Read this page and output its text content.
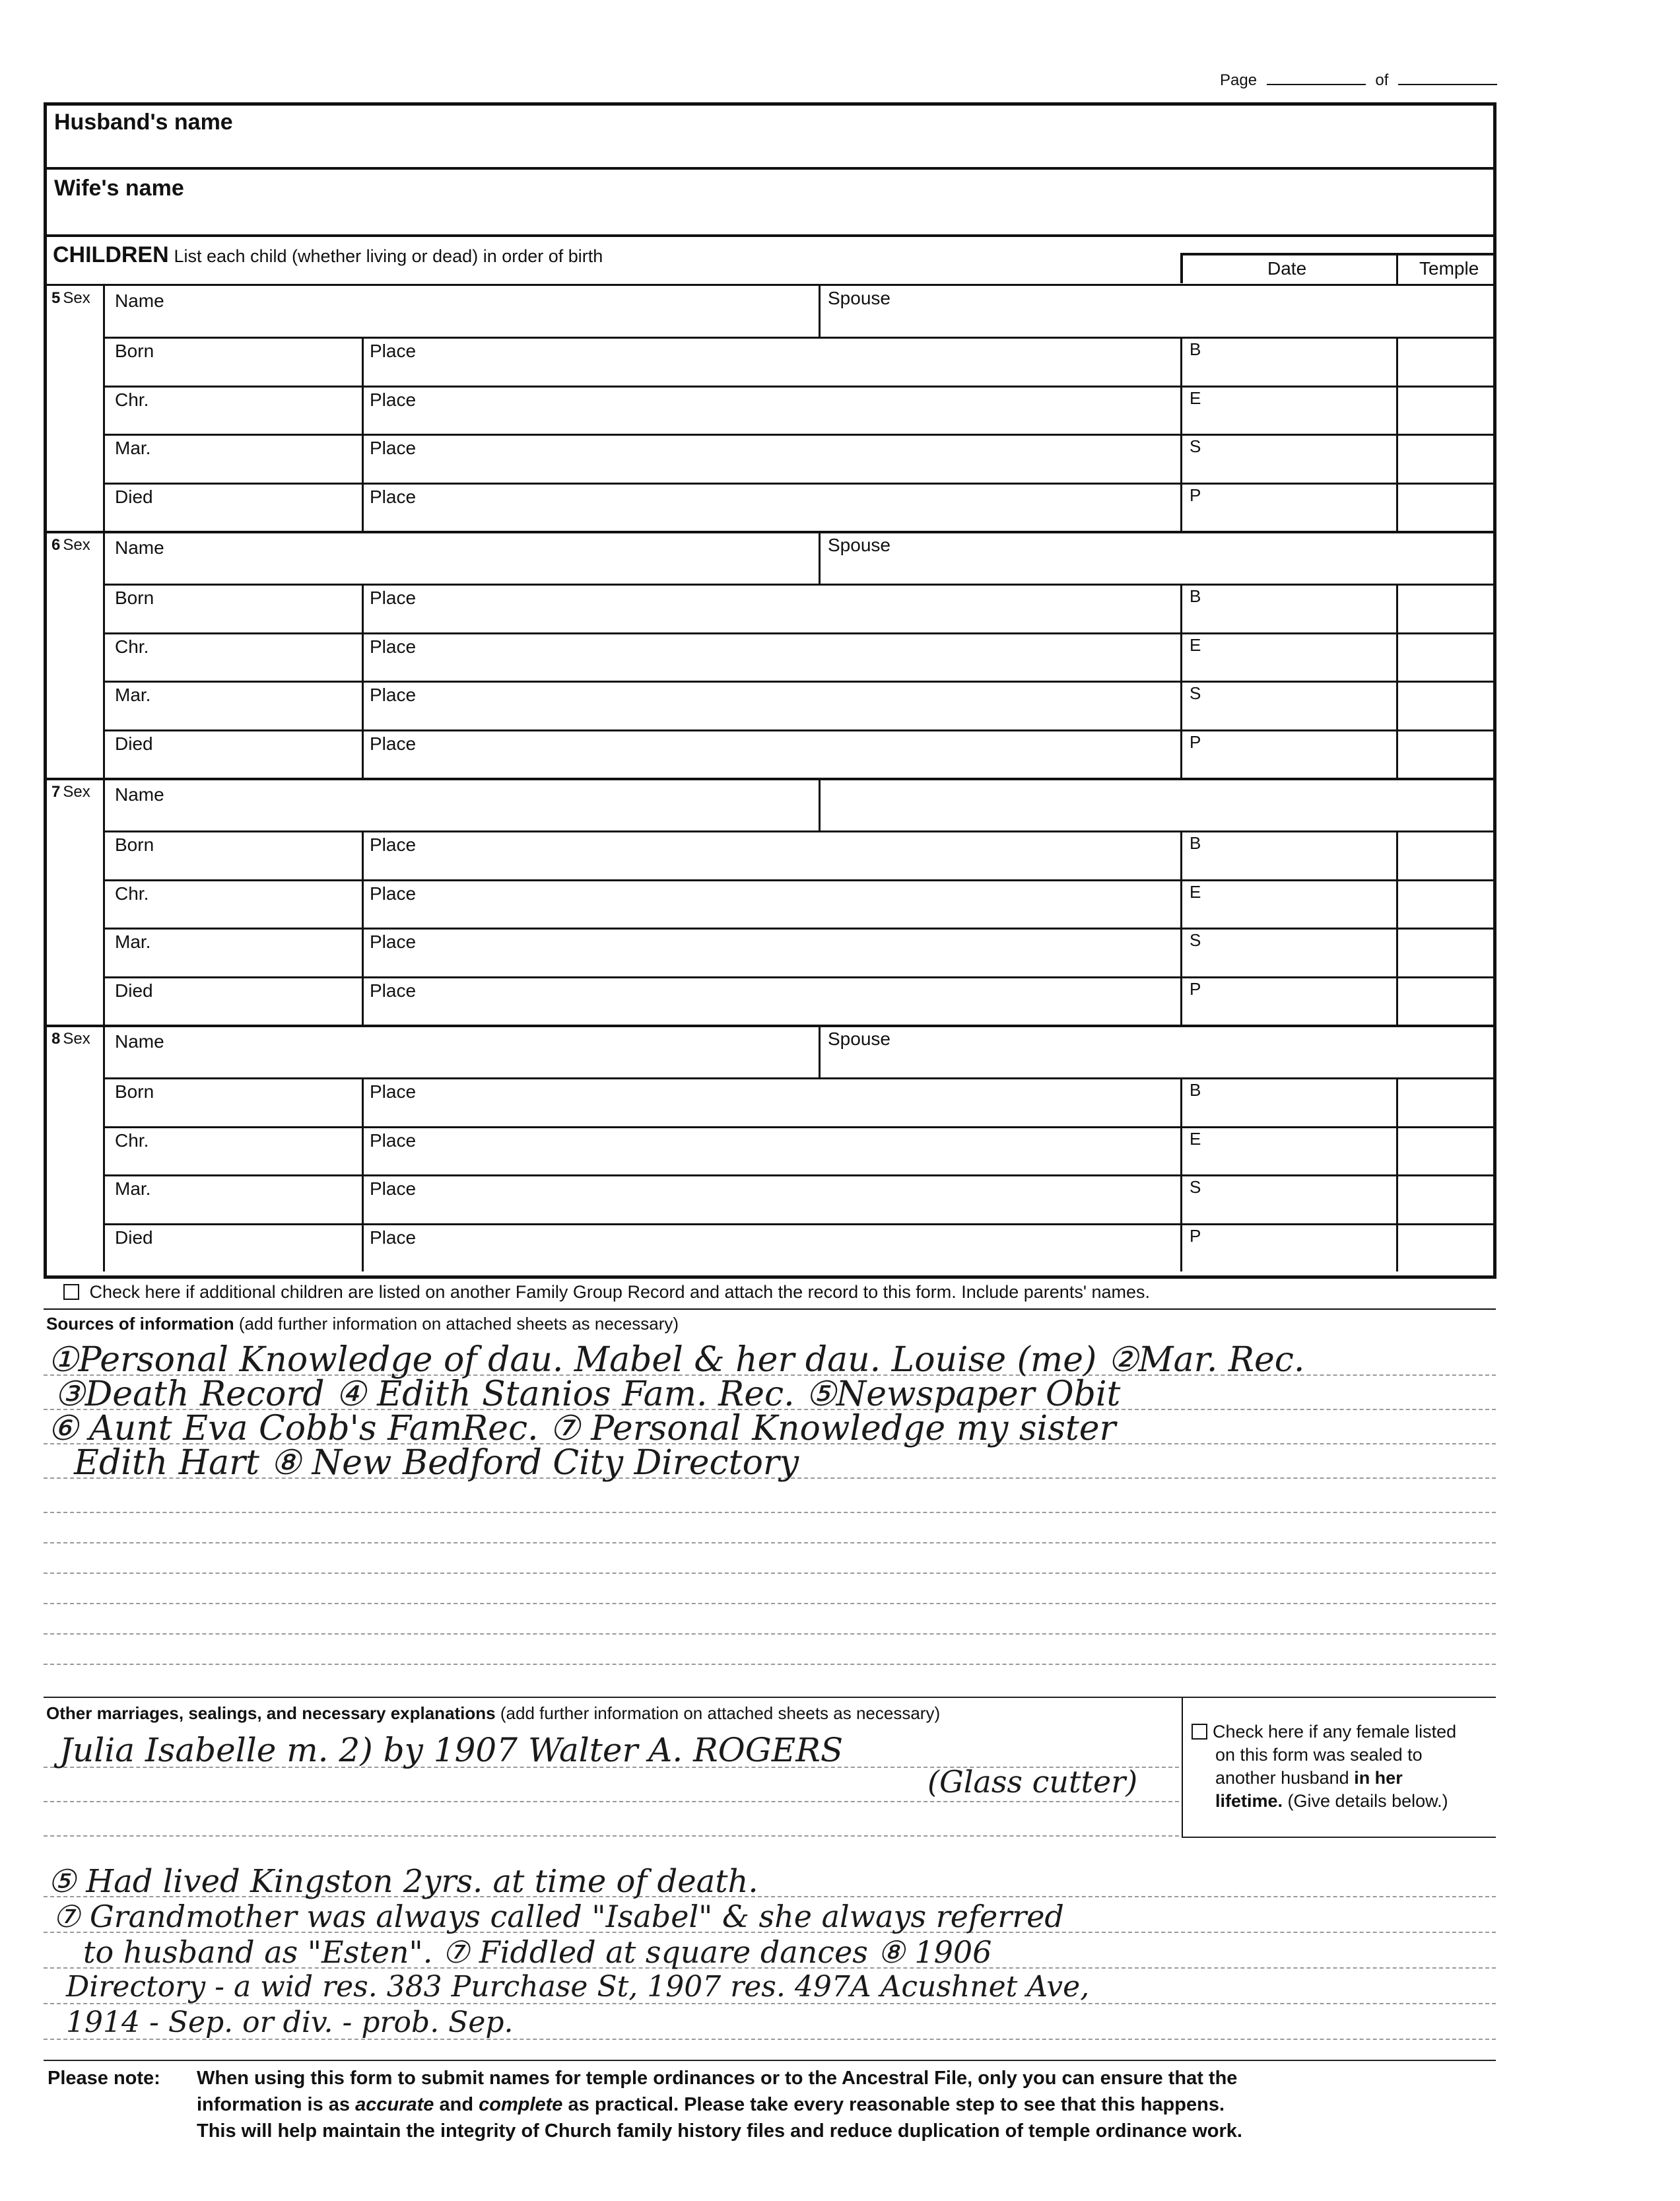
Page	of
Husband's name
Wife's name
CHILDREN List each child (whether living or dead) in order of birth
Date	Temple
5 Sex Name	Spouse
Born	Place	B
Chr.	Place	E
Mar.	Place	S
Died	Place	P
6 Sex Name	Spouse
Born	Place	B
Chr.	Place	E
Mar.	Place	S
Died	Place	P
7 Sex Name
Born	Place	B
Chr.	Place	E
Mar.	Place	S
Died	Place	P
8 Sex Name	Spouse
Born	Place	B
Chr.	Place	E
Mar.	Place	S
Died	Place	P
Check here if additional children are listed on another Family Group Record and attach the record to this form. Include parents' names.
Sources of information (add further information on attached sheets as necessary)
①Personal Knowledge of dau. Mabel & her dau. Louise (me) ②Mar. Rec.
③Death Record ④ Edith Stanios Fam. Rec. ⑤Newspaper Obit
⑥ Aunt Eva Cobb's FamRec. ⑦ Personal Knowledge my sister
Edith Hart ⑧ New Bedford City Directory
Other marriages, sealings, and necessary explanations (add further information on attached sheets as necessary)
Check here if any female listed
on this form was sealed to
another husband in her
lifetime. (Give details below.)
Julia Isabelle m. 2) by 1907 Walter A. ROGERS
(Glass cutter)
⑤ Had lived Kingston 2yrs. at time of death.
⑦ Grandmother was always called "Isabel" & she always referred
to husband as "Esten". ⑦ Fiddled at square dances ⑧ 1906
Directory - a wid res. 383 Purchase St, 1907 res. 497A Acushnet Ave,
1914 - Sep. or div. - prob. Sep.
Please note: When using this form to submit names for temple ordinances or to the Ancestral File, only you can ensure that the
information is as accurate and complete as practical. Please take every reasonable step to see that this happens.
This will help maintain the integrity of Church family history files and reduce duplication of temple ordinance work.
